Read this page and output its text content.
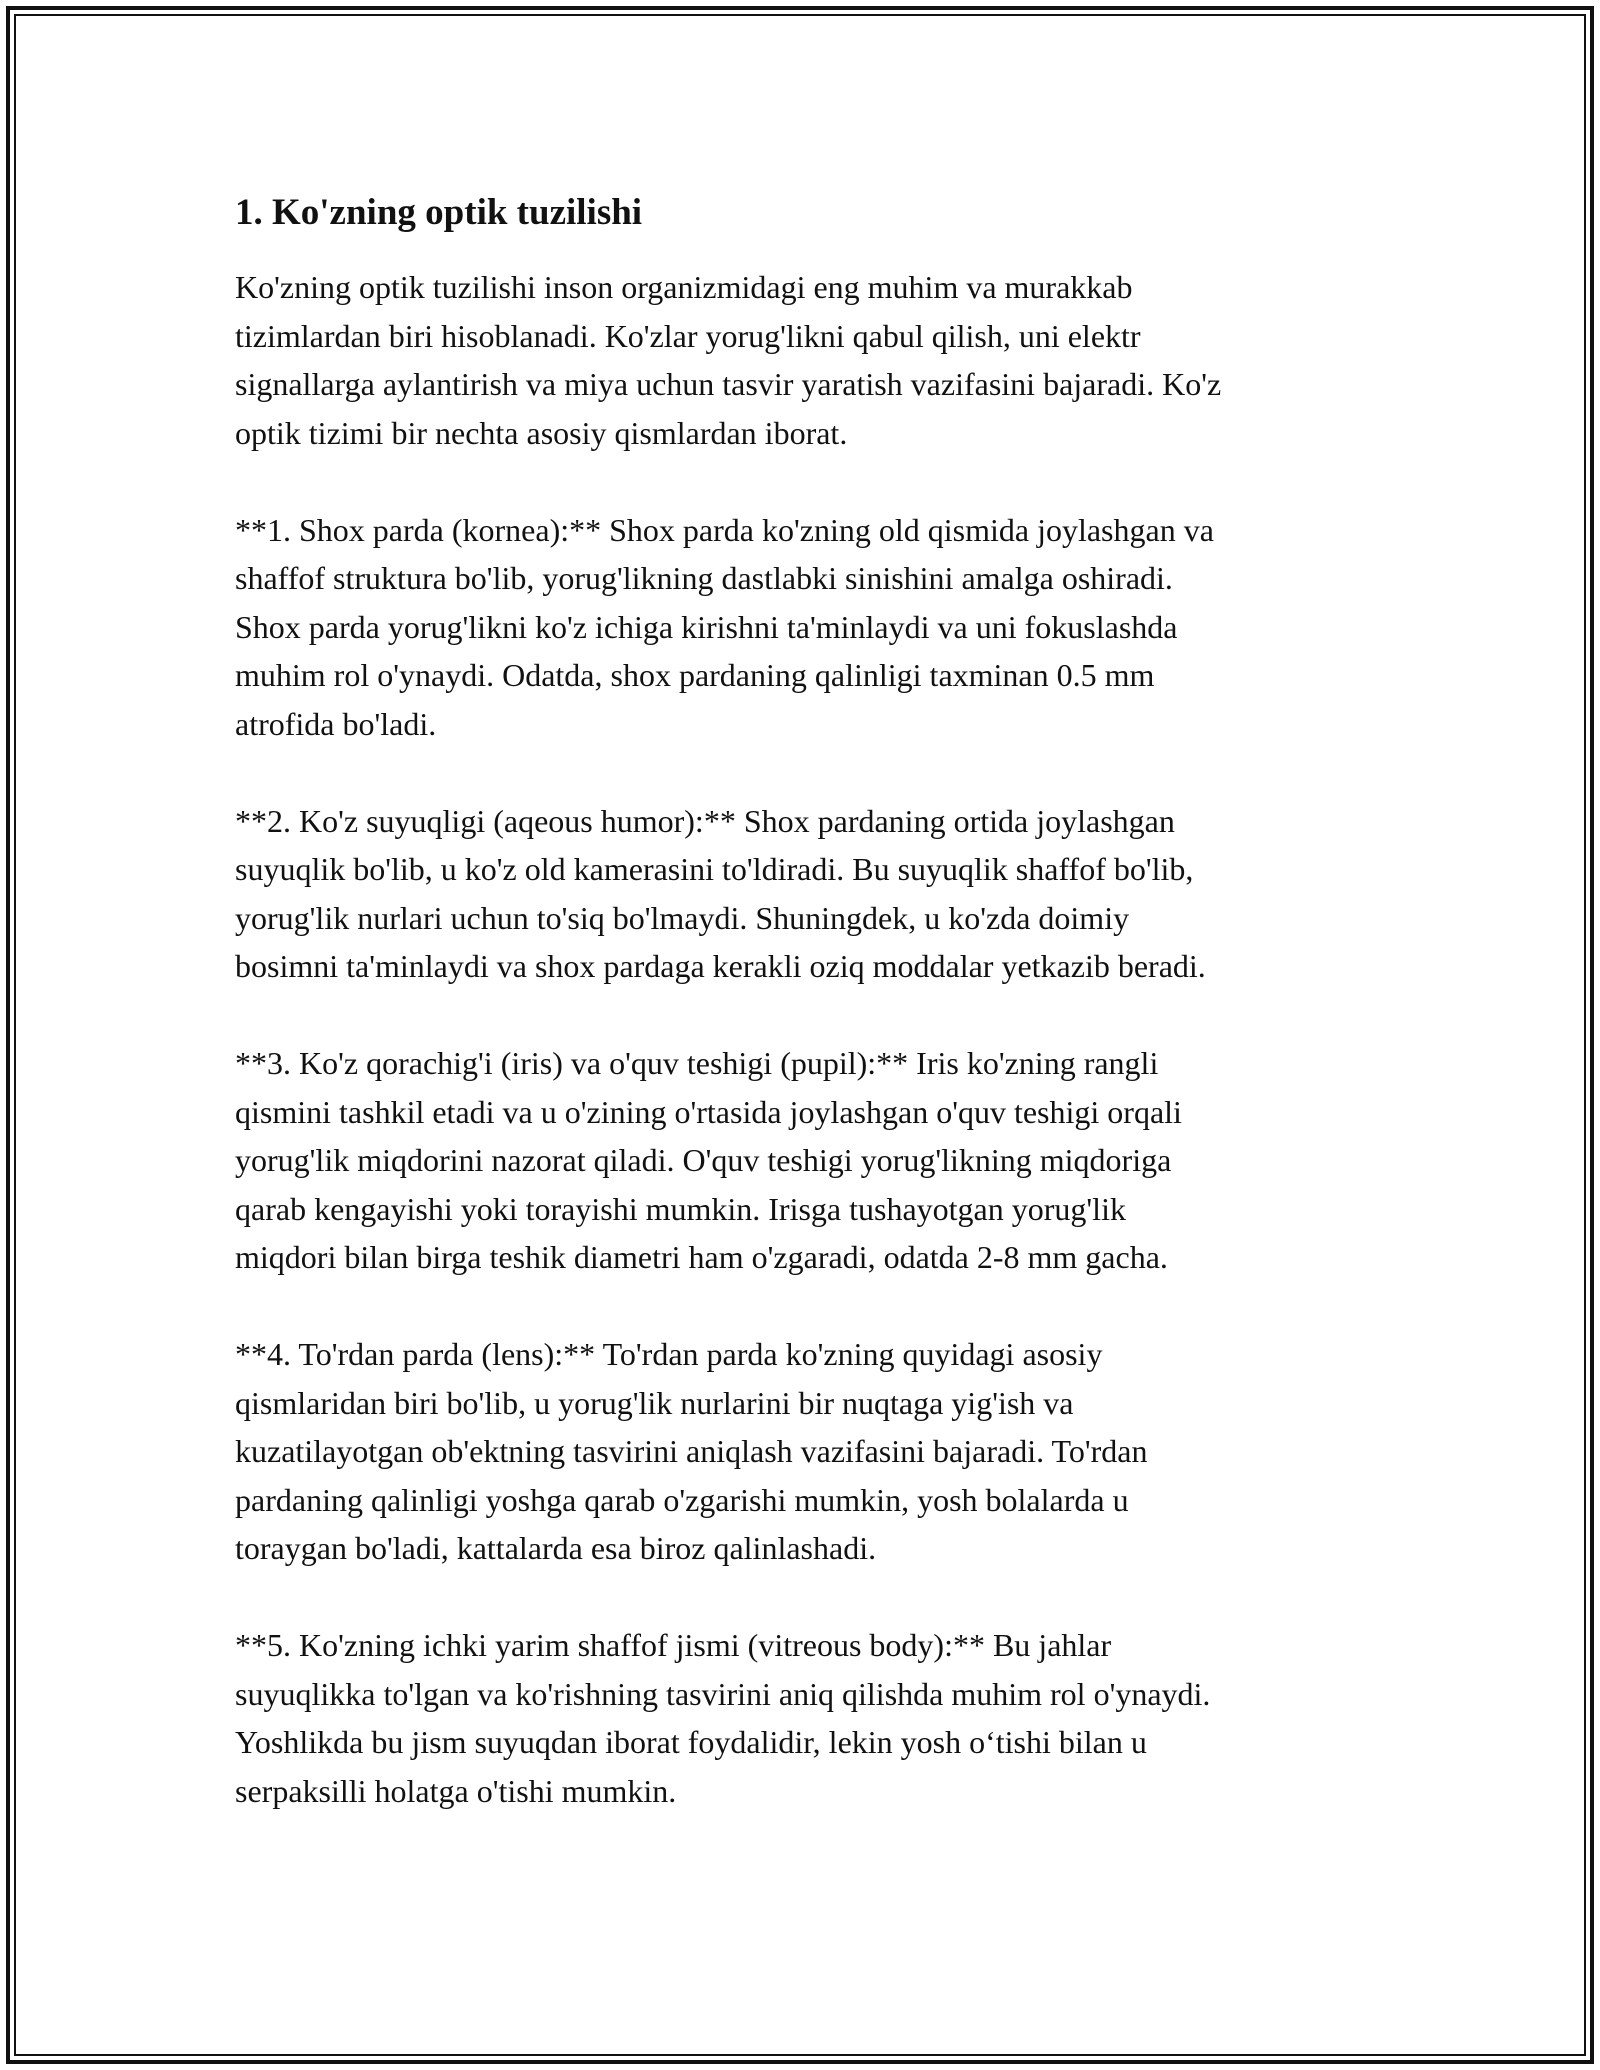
1. Ko'zning optik tuzilishi

Ko'zning optik tuzilishi inson organizmidagi eng muhim va murakkab
tizimlardan biri hisoblanadi. Ko'zlar yorug'likni qabul qilish, uni elektr
signallarga aylantirish va miya uchun tasvir yaratish vazifasini bajaradi. Ko'z
optik tizimi bir nechta asosiy qismlardan iborat.

**1. Shox parda (kornea):** Shox parda ko'zning old qismida joylashgan va
shaffof struktura bo'lib, yorug'likning dastlabki sinishini amalga oshiradi.
Shox parda yorug'likni ko'z ichiga kirishni ta'minlaydi va uni fokuslashda
muhim rol o'ynaydi. Odatda, shox pardaning qalinligi taxminan 0.5 mm
atrofida bo'ladi.

**2. Ko'z suyuqligi (aqeous humor):** Shox pardaning ortida joylashgan
suyuqlik bo'lib, u ko'z old kamerasini to'ldiradi. Bu suyuqlik shaffof bo'lib,
yorug'lik nurlari uchun to'siq bo'lmaydi. Shuningdek, u ko'zda doimiy
bosimni ta'minlaydi va shox pardaga kerakli oziq moddalar yetkazib beradi.

**3. Ko'z qorachig'i (iris) va o'quv teshigi (pupil):** Iris ko'zning rangli
qismini tashkil etadi va u o'zining o'rtasida joylashgan o'quv teshigi orqali
yorug'lik miqdorini nazorat qiladi. O'quv teshigi yorug'likning miqdoriga
qarab kengayishi yoki torayishi mumkin. Irisga tushayotgan yorug'lik
miqdori bilan birga teshik diametri ham o'zgaradi, odatda 2-8 mm gacha.

**4. To'rdan parda (lens):** To'rdan parda ko'zning quyidagi asosiy
qismlaridan biri bo'lib, u yorug'lik nurlarini bir nuqtaga yig'ish va
kuzatilayotgan ob'ektning tasvirini aniqlash vazifasini bajaradi. To'rdan
pardaning qalinligi yoshga qarab o'zgarishi mumkin, yosh bolalarda u
toraygan bo'ladi, kattalarda esa biroz qalinlashadi.

**5. Ko'zning ichki yarim shaffof jismi (vitreous body):** Bu jahlar
suyuqlikka to'lgan va ko'rishning tasvirini aniq qilishda muhim rol o'ynaydi.
Yoshlikda bu jism suyuqdan iborat foydalidir, lekin yosh o‘tishi bilan u
serpaksilli holatga o'tishi mumkin.
